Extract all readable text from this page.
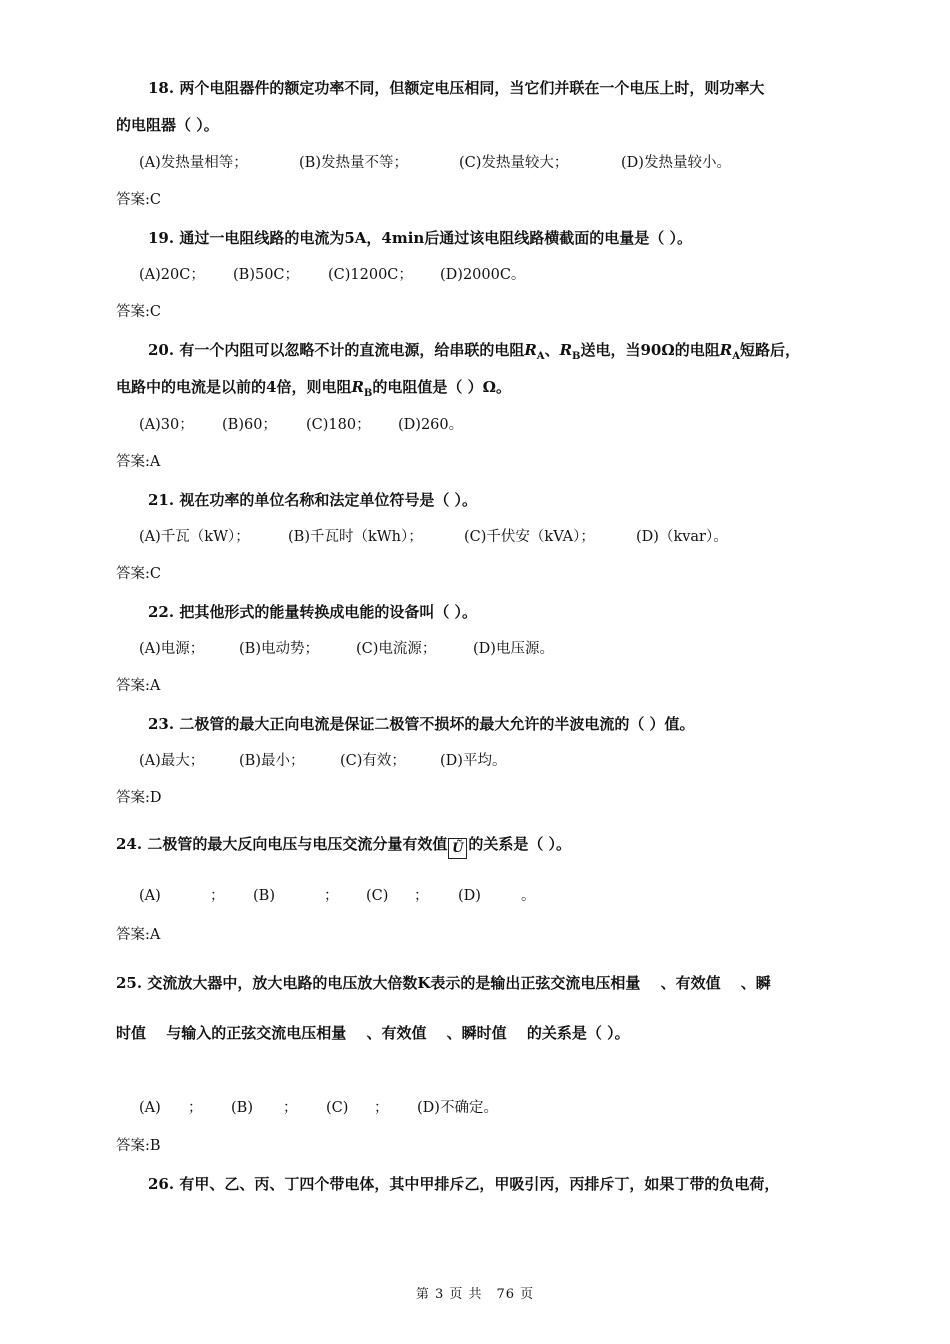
18. 两个电阻器件的额定功率不同，但额定电压相同，当它们并联在一个电压上时，则功率大
的电阻器（ ）。
(A)发热量相等；	(B)发热量不等；	(C)发热量较大；	(D)发热量较小。
答案:C
19. 通过一电阻线路的电流为5A，4min后通过该电阻线路横截面的电量是（ ）。
(A)20C； (B)50C； (C)1200C； (D)2000C。
答案:C
20. 有一个内阻可以忽略不计的直流电源，给串联的电阻$R_A$、$R_B$送电，当90Ω的电阻$R_A$短路后，
电路中的电流是以前的4倍，则电阻$R_B$的电阻值是（ ）Ω。
(A)30； (B)60； (C)180； (D)260。
答案:A
21. 视在功率的单位名称和法定单位符号是（ ）。
(A)千瓦（kW）；	(B)千瓦时（kWh）；	(C)千伏安（kVA）；	(D)（kvar）。
答案:C
22. 把其他形式的能量转换成电能的设备叫（ ）。
(A)电源； (B)电动势；	(C)电流源；	(D)电压源。
答案:A
23. 二极管的最大正向电流是保证二极管不损坏的最大允许的半波电流的（ ）值。
(A)最大； (B)最小； (C)有效； (D)平均。
答案:D
24. 二极管的最大反向电压与电压交流分量有效值 Ũ 的关系是（ ）。
(A)	； (B)	； (C) ； (D)	。
答案:A
25. 交流放大器中，放大电路的电压放大倍数K表示的是输出正弦交流电压相量　 、有效值　 、瞬
时值　 与输入的正弦交流电压相量　 、有效值　 、瞬时值　 的关系是（ ）。
(A) ； (B) ； (C) ； (D)不确定。
答案:B
26. 有甲、乙、丙、丁四个带电体，其中甲排斥乙，甲吸引丙，丙排斥丁，如果丁带的负电荷，
第 3 页 共　76 页
